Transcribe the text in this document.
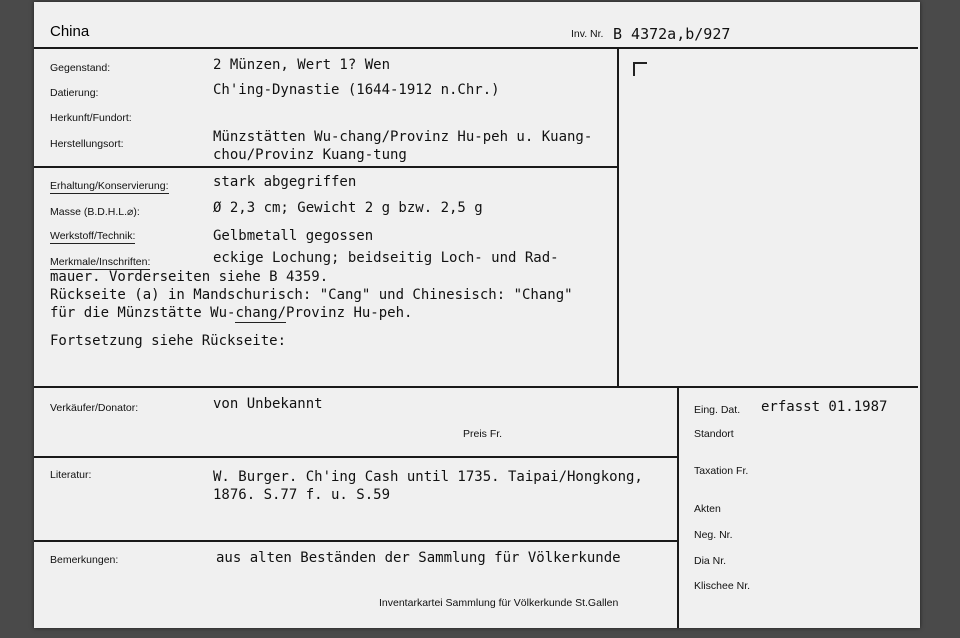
China	Inv. Nr. B 4372a,b/927
Gegenstand:	2 Münzen, Wert 1? Wen
Datierung:	Ch'ing-Dynastie (1644-1912 n.Chr.)
Herkunft/Fundort:
Herstellungsort:	Münzstätten Wu-chang/Provinz Hu-peh u. Kuang-
chou/Provinz Kuang-tung
Erhaltung/Konservierung:	stark abgegriffen
Masse (B.D.H.L.⌀):	Ø 2,3 cm; Gewicht 2 g bzw. 2,5 g
Werkstoff/Technik:	Gelbmetall gegossen
Merkmale/Inschriften:	eckige Lochung; beidseitig Loch- und Rad-
mauer. Vorderseiten siehe B 4359.
Rückseite (a) in Mandschurisch: "Cang" und Chinesisch: "Chang"
für die Münzstätte Wu-chang/Provinz Hu-peh.
Fortsetzung siehe Rückseite:
Verkäufer/Donator:	von Unbekannt
Preis Fr.
Literatur:	W. Burger. Ch'ing Cash until 1735. Taipai/Hongkong,
1876. S.77 f. u. S.59
Bemerkungen:	aus alten Beständen der Sammlung für Völkerkunde
Inventarkartei Sammlung für Völkerkunde St.Gallen
Eing. Dat. erfasst 01.1987
Standort
Taxation Fr.
Akten
Neg. Nr.
Dia Nr.
Klischee Nr.
